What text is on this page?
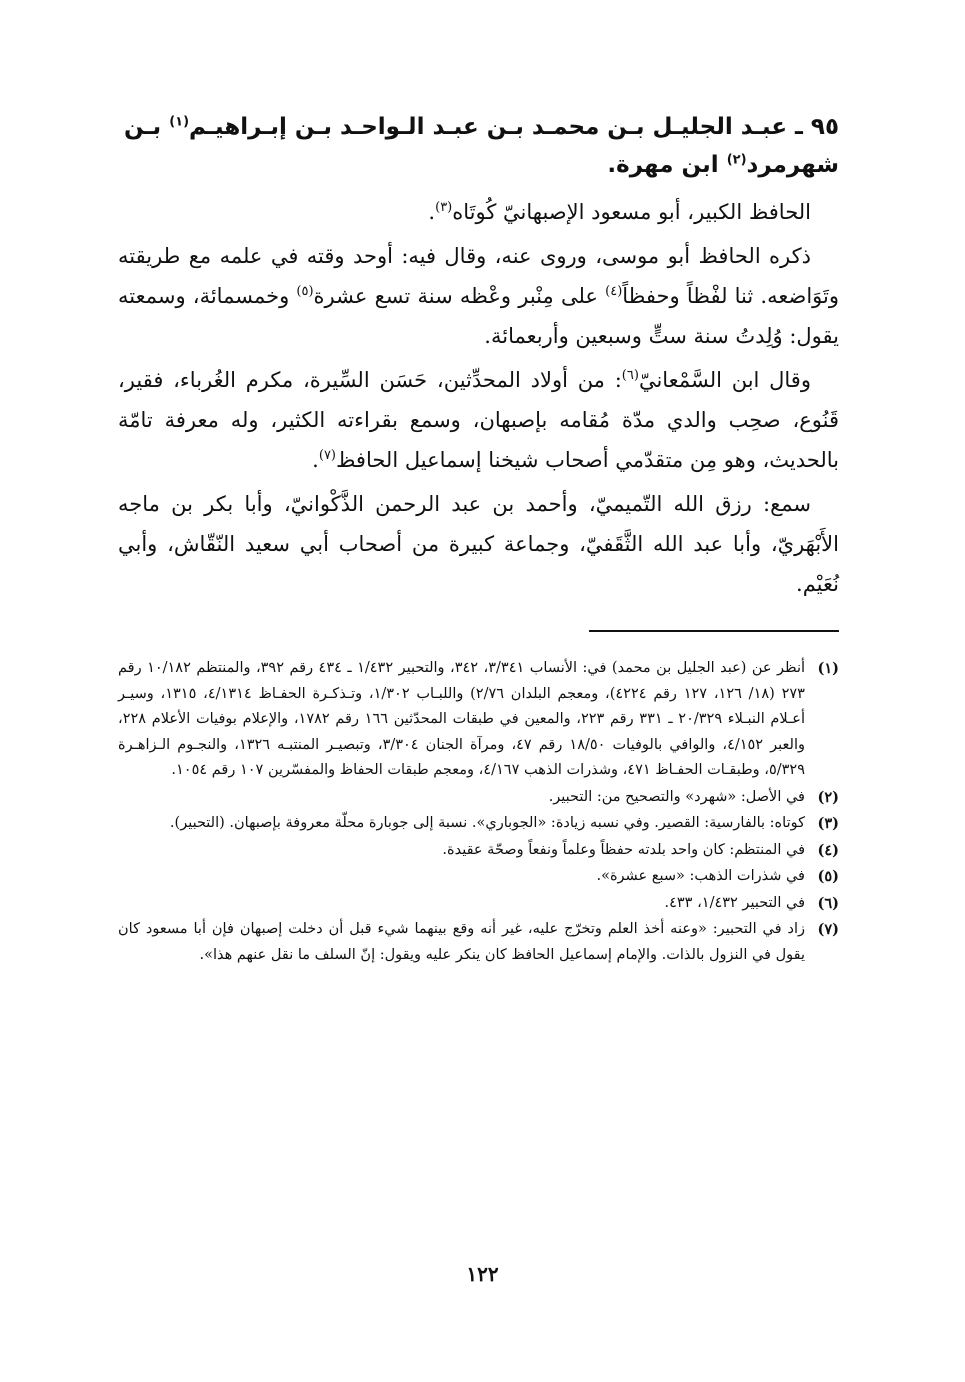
٩٥ ـ عبـد الجليـل بـن محمـد بـن عبـد الـواحـد بـن إبـراهيـم$^{(١)}$ بـن
شهرمرد$^{(٢)}$ ابن مهرة.

الحافظ الكبير، أبو مسعود الإصبهانيّ كُوتَاه$^{(٣)}$.

ذكره الحافظ أبو موسى، وروى عنه، وقال فيه: أوحد وقته في علمه مع طريقته وتَوَاضعه. ثنا لفْظاً وحفظاً$^{(٤)}$ على مِنْبر وعْظه سنة تسع عشرة$^{(٥)}$ وخمسمائة، وسمعته يقول: وُلِدتُ سنة ستٍّ وسبعين وأربعمائة.

وقال ابن السَّمْعانيّ$^{(٦)}$: من أولاد المحدِّثين، حَسَن السِّيرة، مكرم الغُرباء، فقير، قَنُوع، صحِب والدي مدّة مُقامه بإصبهان، وسمع بقراءته الكثير، وله معرفة تامّة بالحديث، وهو مِن متقدّمي أصحاب شيخنا إسماعيل الحافظ$^{(٧)}$.

سمع: رزق الله التّميميّ، وأحمد بن عبد الرحمن الذَّكْوانيّ، وأبا بكر بن ماجه الأَبْهَريّ، وأبا عبد الله الثَّقَفيّ، وجماعة كبيرة من أصحاب أبي سعيد النّقّاش، وأبي نُعَيْم.

(١)
أنظر عن (عبد الجليل بن محمد) في: الأنساب ٣/٣٤١، ٣٤٢، والتحبير ١/٤٣٢ ـ ٤٣٤ رقم ٣٩٢، والمنتظم ١٠/١٨٢ رقم ٢٧٣ (١٨/ ١٢٦، ١٢٧ رقم ٤٢٢٤)، ومعجم البلدان ٢/٧٦) واللبـاب ١/٣٠٢، وتـذكـرة الحفـاظ ٤/١٣١٤، ١٣١٥، وسيـر أعـلام النبـلاء ٢٠/٣٢٩ ـ ٣٣١ رقم ٢٢٣، والمعين في طبقات المحدّثين ١٦٦ رقم ١٧٨٢، والإعلام بوفيات الأعلام ٢٢٨، والعبر ٤/١٥٢، والوافي بالوفيات ١٨/٥٠ رقم ٤٧، ومرآة الجنان ٣/٣٠٤، وتبصيـر المنتبـه ١٣٢٦، والنجـوم الـزاهـرة ٥/٣٢٩، وطبقـات الحفـاظ ٤٧١، وشذرات الذهب ٤/١٦٧، ومعجم طبقات الحفاظ والمفسّرين ١٠٧ رقم ١٠٥٤.
(٢)
في الأصل: «شهرد» والتصحيح من: التحبير.
(٣)
كوتاه: بالفارسية: القصير. وفي نسبه زيادة: «الجوباري». نسبة إلى جوبارة محلّة معروفة بإصبهان. (التحبير).
(٤)
في المنتظم: كان واحد بلدته حفظاً وعلماً ونفعاً وصحّة عقيدة.
(٥)
في شذرات الذهب: «سبع عشرة».
(٦)
في التحبير ١/٤٣٢، ٤٣٣.
(٧)
زاد في التحبير: «وعنه أخذ العلم وتخرّج عليه، غير أنه وقع بينهما شيء قبل أن دخلت إصبهان فإن أبا مسعود كان يقول في النزول بالذات. والإمام إسماعيل الحافظ كان ينكر عليه ويقول: إنّ السلف ما نقل عنهم هذا».
١٢٢
